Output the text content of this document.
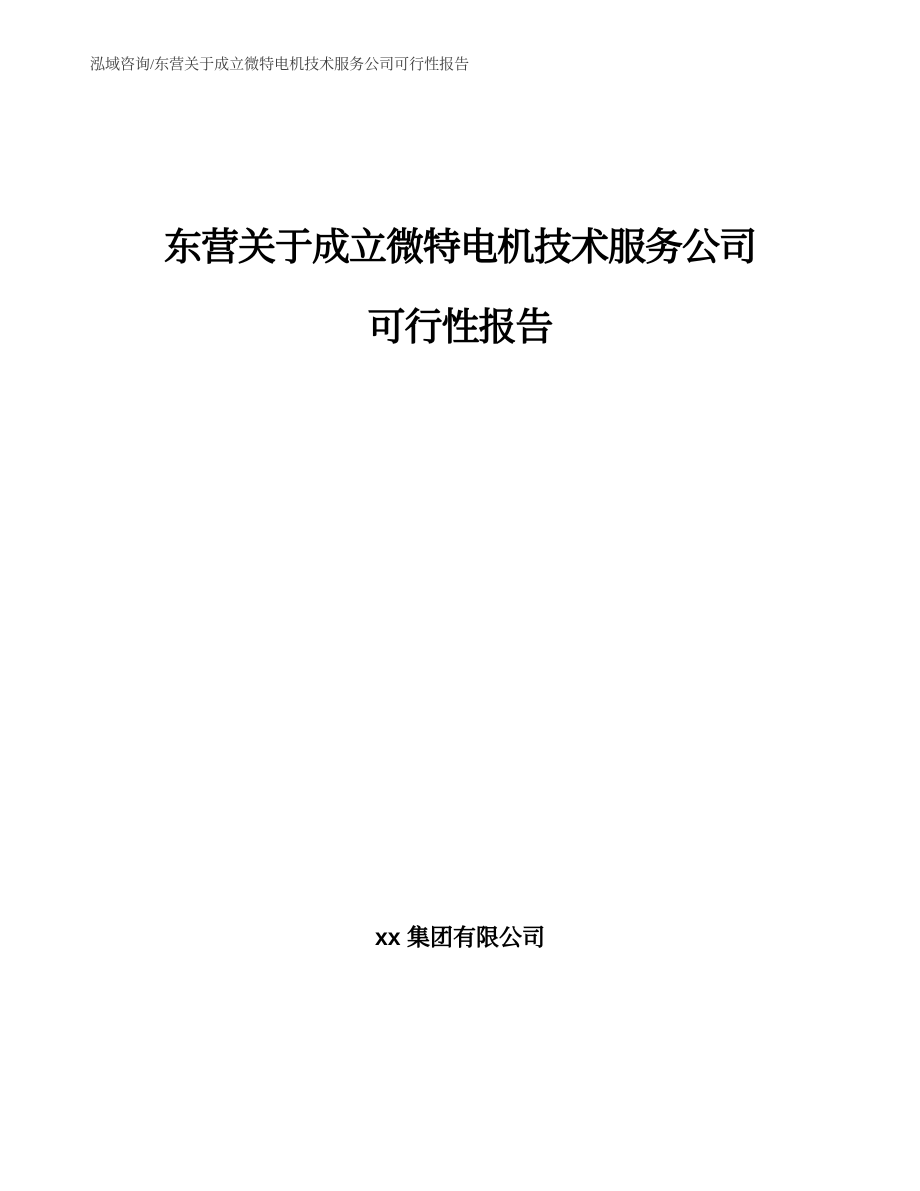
泓域咨询/东营关于成立微特电机技术服务公司可行性报告
东营关于成立微特电机技术服务公司
可行性报告
xx 集团有限公司
